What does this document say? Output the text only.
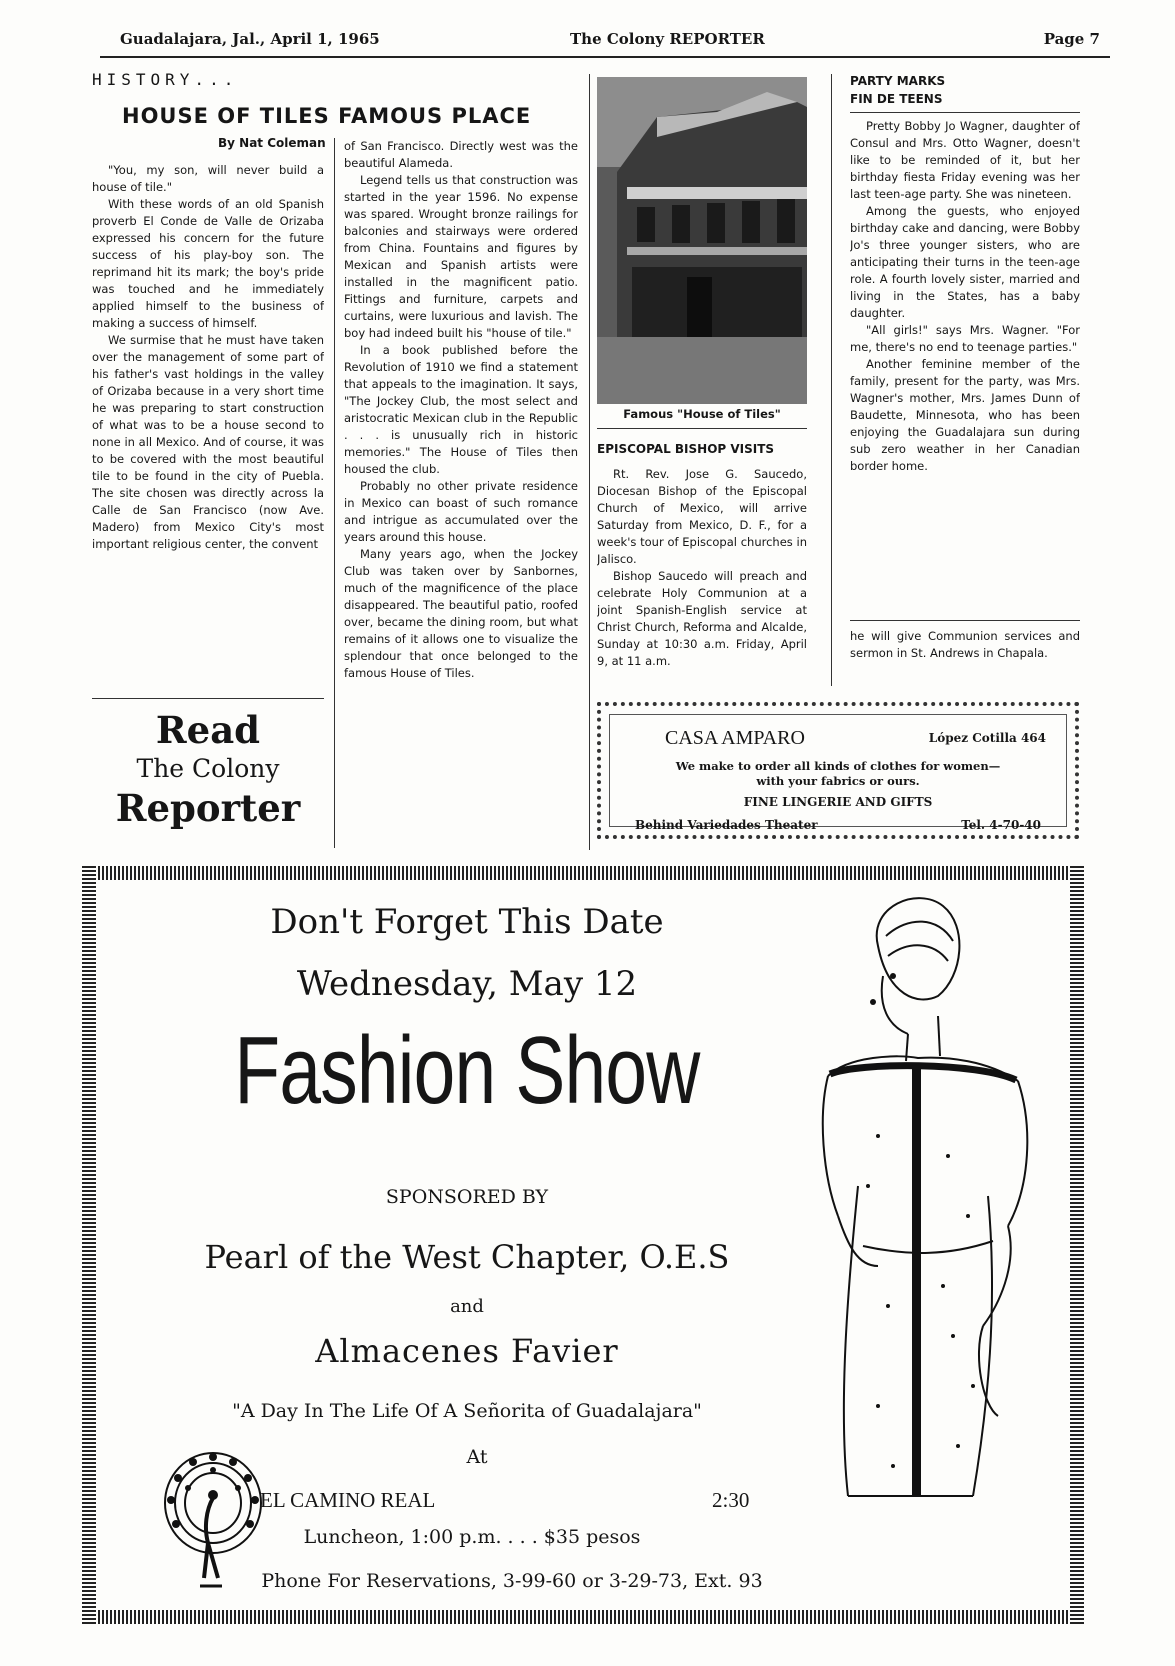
Guadalajara, Jal., April 1, 1965	The Colony REPORTER	Page 7
HISTORY...
HOUSE OF TILES FAMOUS PLACE
By Nat Coleman

"You, my son, will never build a house of tile."

With these words of an old Spanish proverb El Conde de Valle de Orizaba expressed his concern for the future success of his play-boy son. The reprimand hit its mark; the boy's pride was touched and he immediately applied himself to the business of making a success of himself.

We surmise that he must have taken over the management of some part of his father's vast holdings in the valley of Orizaba because in a very short time he was preparing to start construction of what was to be a house second to none in all Mexico. And of course, it was to be covered with the most beautiful tile to be found in the city of Puebla. The site chosen was directly across la Calle de San Francisco (now Ave. Madero) from Mexico City's most important religious center, the convent

Read
The Colony
Reporter

of San Francisco. Directly west was the beautiful Alameda.

Legend tells us that construction was started in the year 1596. No expense was spared. Wrought bronze railings for balconies and stairways were ordered from China. Fountains and figures by Mexican and Spanish artists were installed in the magnificent patio. Fittings and furniture, carpets and curtains, were luxurious and lavish. The boy had indeed built his "house of tile."

In a book published before the Revolution of 1910 we find a statement that appeals to the imagination. It says, "The Jockey Club, the most select and aristocratic Mexican club in the Republic . . . is unusually rich in historic memories." The House of Tiles then housed the club.

Probably no other private residence in Mexico can boast of such romance and intrigue as accumulated over the years around this house.

Many years ago, when the Jockey Club was taken over by Sanbornes, much of the magnificence of the place disappeared. The beautiful patio, roofed over, became the dining room, but what remains of it allows one to visualize the splendour that once belonged to the famous House of Tiles.

Famous "House of Tiles"
EPISCOPAL BISHOP VISITS

Rt. Rev. Jose G. Saucedo, Diocesan Bishop of the Episcopal Church of Mexico, will arrive Saturday from Mexico, D. F., for a week's tour of Episcopal churches in Jalisco.

Bishop Saucedo will preach and celebrate Holy Communion at a joint Spanish-English service at Christ Church, Reforma and Alcalde, Sunday at 10:30 a.m. Friday, April 9, at 11 a.m.

PARTY MARKS
FIN DE TEENS

Pretty Bobby Jo Wagner, daughter of Consul and Mrs. Otto Wagner, doesn't like to be reminded of it, but her birthday fiesta Friday evening was her last teen-age party. She was nineteen.

Among the guests, who enjoyed birthday cake and dancing, were Bobby Jo's three younger sisters, who are anticipating their turns in the teen-age role. A fourth lovely sister, married and living in the States, has a baby daughter.

"All girls!" says Mrs. Wagner. "For me, there's no end to teenage parties."

Another feminine member of the family, present for the party, was Mrs. Wagner's mother, Mrs. James Dunn of Baudette, Minnesota, who has been enjoying the Guadalajara sun during sub zero weather in her Canadian border home.

he will give Communion services and sermon in St. Andrews in Chapala.

CASA AMPARO	López Cotilla 464
We make to order all kinds of clothes for women—
with your fabrics or ours.
FINE LINGERIE AND GIFTS
Behind Variedades Theater	Tel. 4-70-40
Don't Forget This Date
Wednesday, May 12
Fashion Show
SPONSORED BY
Pearl of the West Chapter, O.E.S
and
Almacenes Favier
"A Day In The Life Of A Señorita of Guadalajara"
At
EL CAMINO REAL	2:30
Luncheon, 1:00 p.m. . . . $35 pesos
Phone For Reservations, 3-99-60 or 3-29-73, Ext. 93
